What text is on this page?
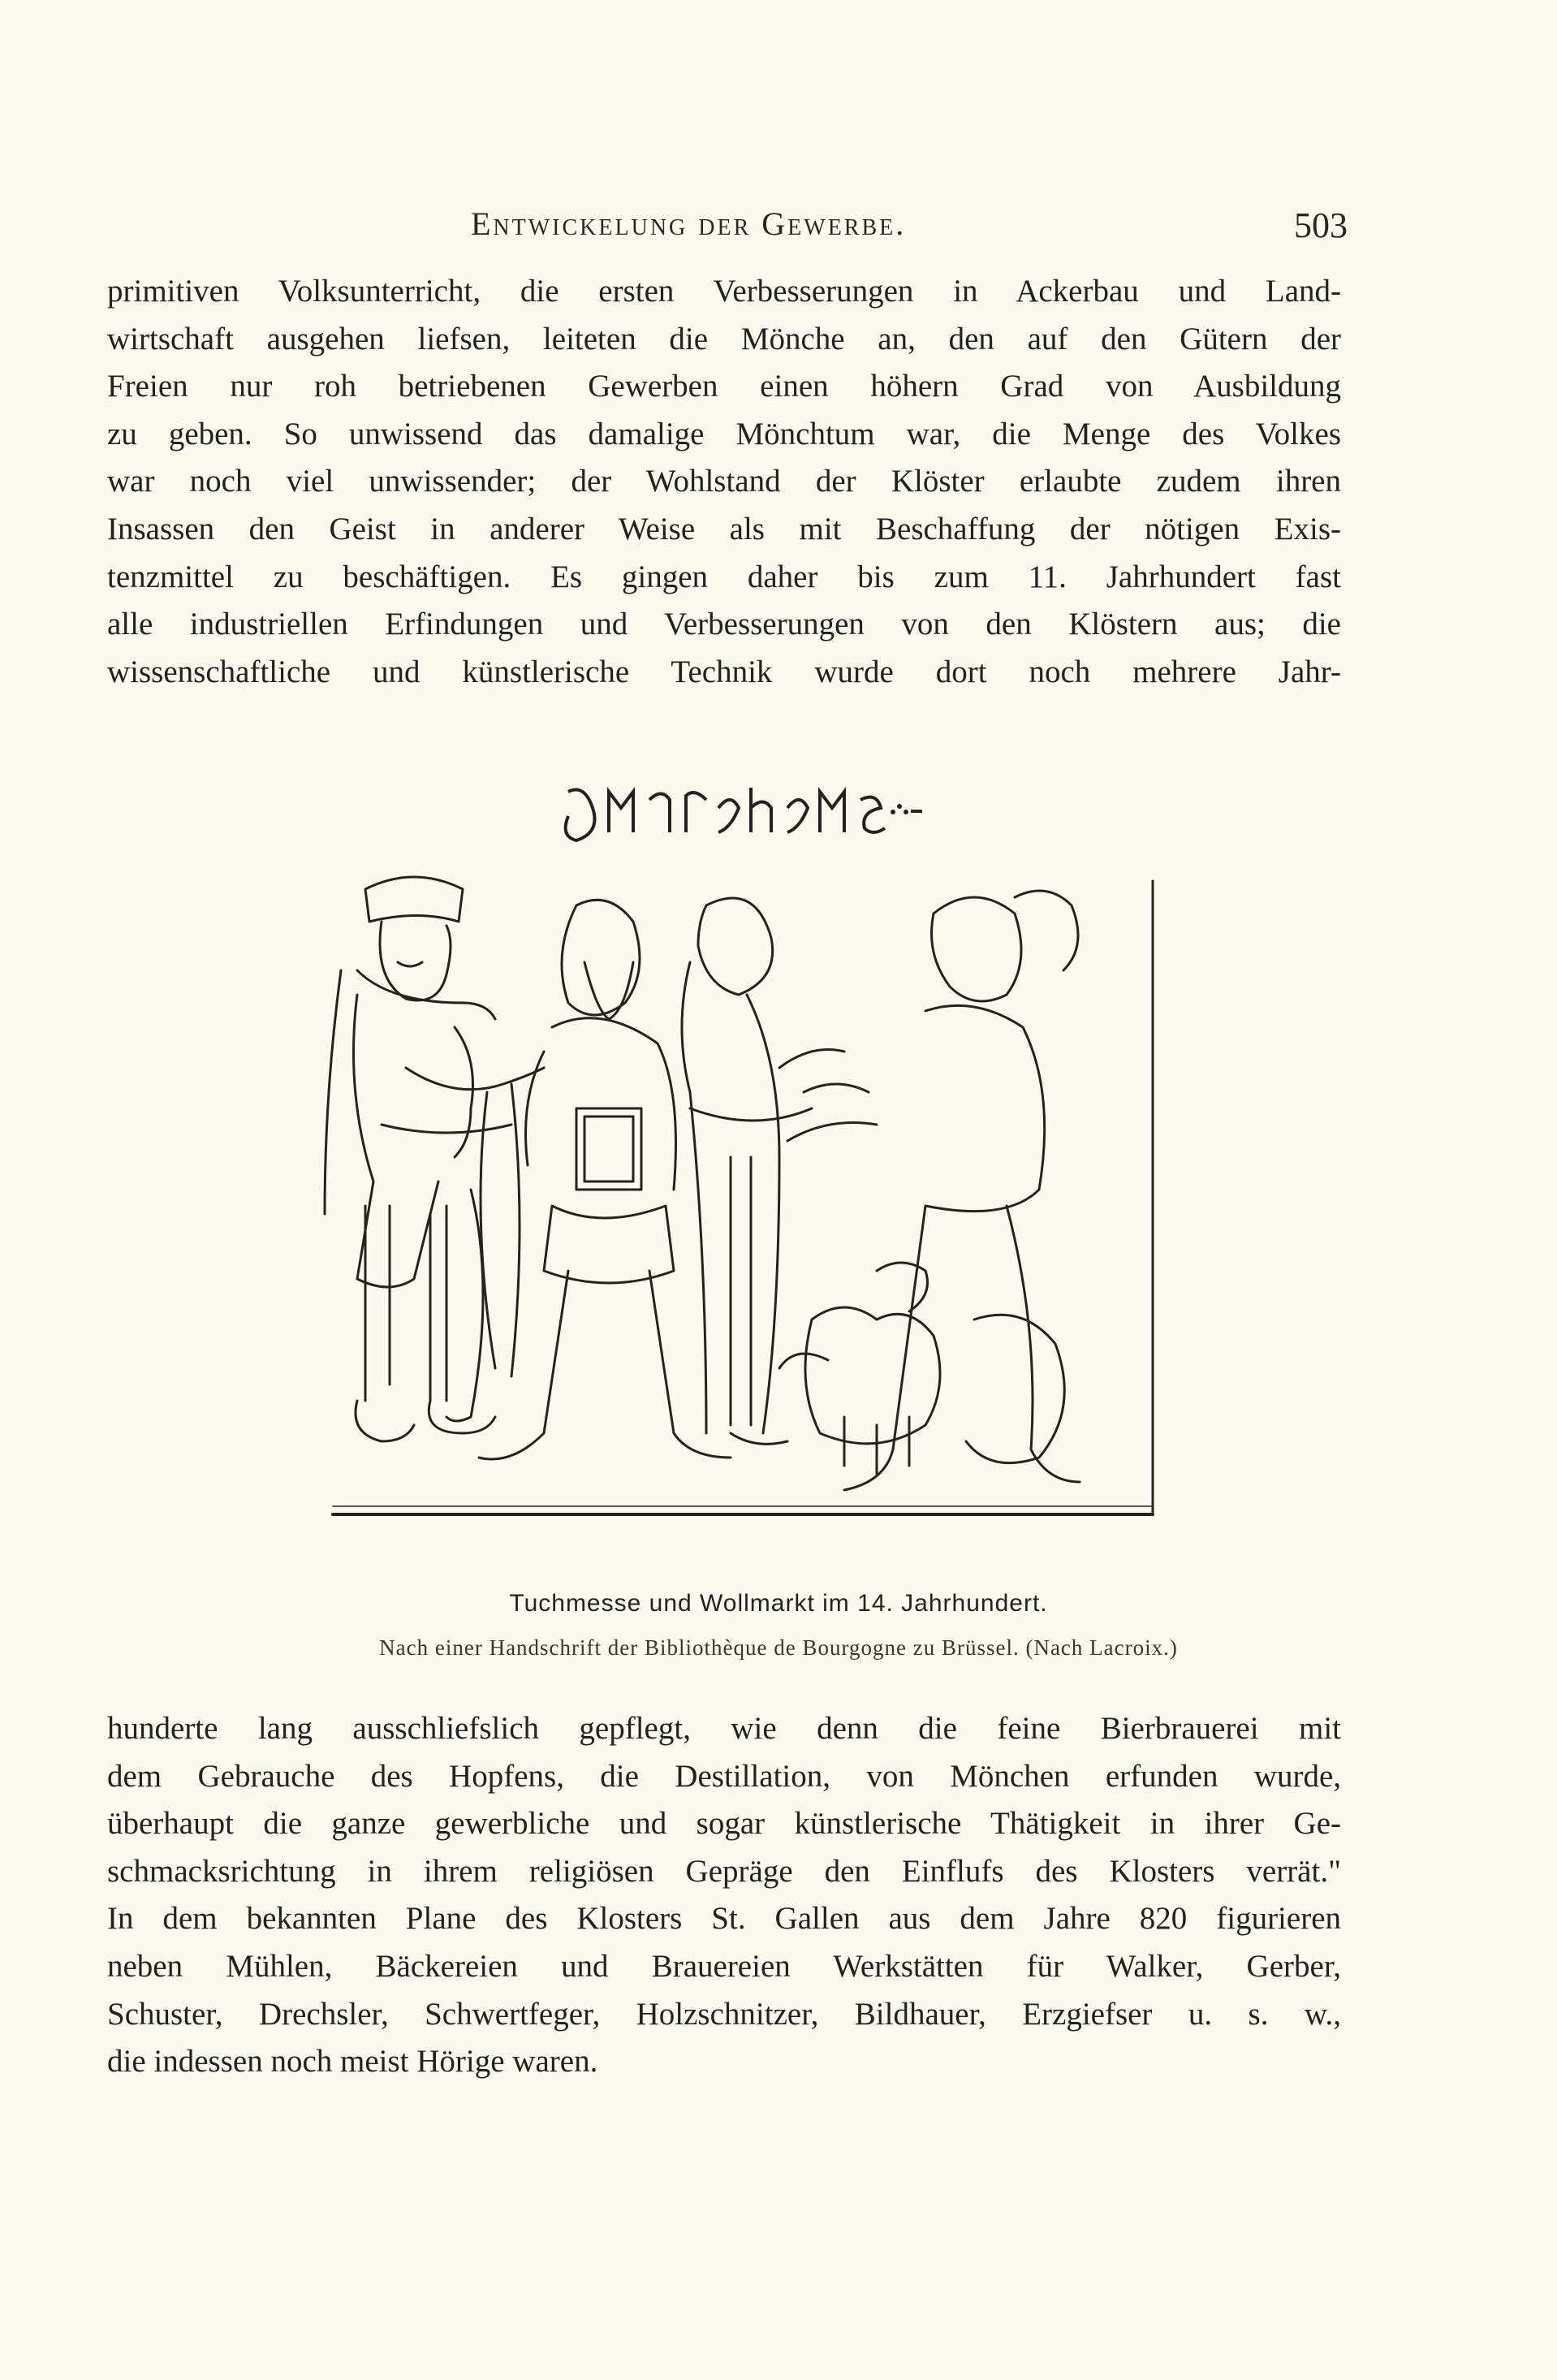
Entwickelung der Gewerbe.	503
primitiven Volksunterricht, die ersten Verbesserungen in Ackerbau und Land-
wirtschaft ausgehen liefsen, leiteten die Mönche an, den auf den Gütern der
Freien nur roh betriebenen Gewerben einen höhern Grad von Ausbildung
zu geben. So unwissend das damalige Mönchtum war, die Menge des Volkes
war noch viel unwissender; der Wohlstand der Klöster erlaubte zudem ihren
Insassen den Geist in anderer Weise als mit Beschaffung der nötigen Exis-
tenzmittel zu beschäftigen. Es gingen daher bis zum 11. Jahrhundert fast
alle industriellen Erfindungen und Verbesserungen von den Klöstern aus; die
wissenschaftliche und künstlerische Technik wurde dort noch mehrere Jahr-
Tuchmesse und Wollmarkt im 14. Jahrhundert.
Nach einer Handschrift der Bibliothèque de Bourgogne zu Brüssel. (Nach Lacroix.)
hunderte lang ausschliefslich gepflegt, wie denn die feine Bierbrauerei mit
dem Gebrauche des Hopfens, die Destillation, von Mönchen erfunden wurde,
überhaupt die ganze gewerbliche und sogar künstlerische Thätigkeit in ihrer Ge-
schmacksrichtung in ihrem religiösen Gepräge den Einflufs des Klosters verrät."
In dem bekannten Plane des Klosters St. Gallen aus dem Jahre 820 figurieren
neben Mühlen, Bäckereien und Brauereien Werkstätten für Walker, Gerber,
Schuster, Drechsler, Schwertfeger, Holzschnitzer, Bildhauer, Erzgiefser u. s. w.,
die indessen noch meist Hörige waren.
